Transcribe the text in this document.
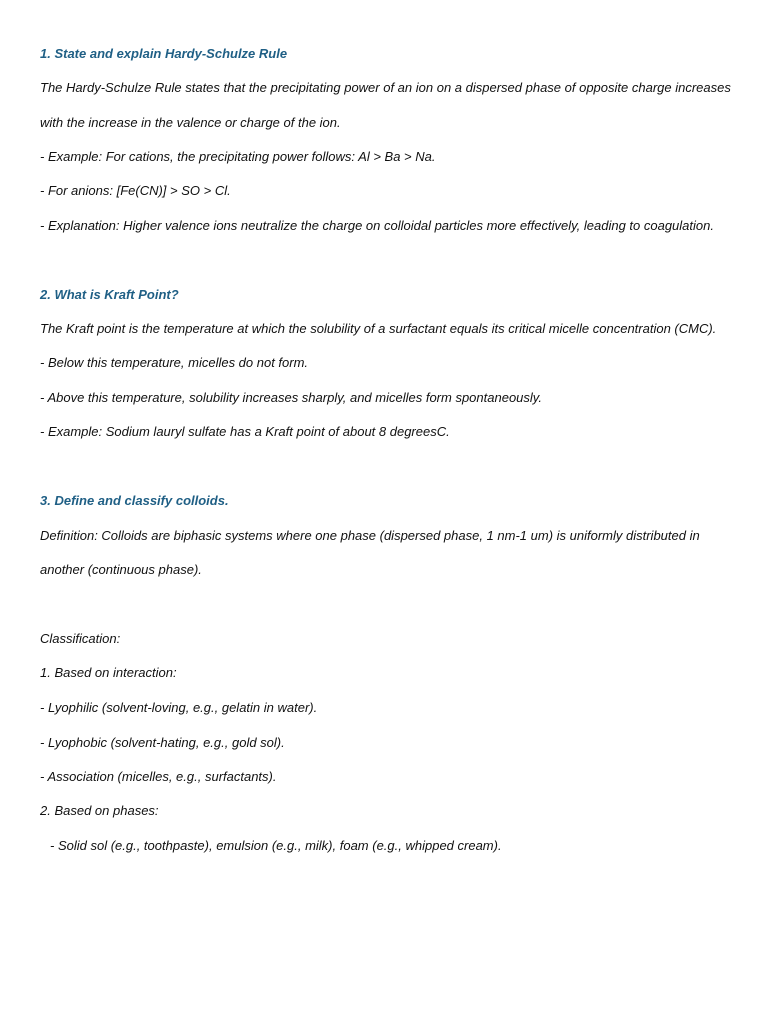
1. State and explain Hardy-Schulze Rule
The Hardy-Schulze Rule states that the precipitating power of an ion on a dispersed phase of opposite charge increases
with the increase in the valence or charge of the ion.
- Example: For cations, the precipitating power follows: Al > Ba > Na.
- For anions: [Fe(CN)] > SO > Cl.
- Explanation: Higher valence ions neutralize the charge on colloidal particles more effectively, leading to coagulation.
2. What is Kraft Point?
The Kraft point is the temperature at which the solubility of a surfactant equals its critical micelle concentration (CMC).
- Below this temperature, micelles do not form.
- Above this temperature, solubility increases sharply, and micelles form spontaneously.
- Example: Sodium lauryl sulfate has a Kraft point of about 8 degreesC.
3. Define and classify colloids.
Definition: Colloids are biphasic systems where one phase (dispersed phase, 1 nm-1 um) is uniformly distributed in
another (continuous phase).
Classification:
1. Based on interaction:
- Lyophilic (solvent-loving, e.g., gelatin in water).
- Lyophobic (solvent-hating, e.g., gold sol).
- Association (micelles, e.g., surfactants).
2. Based on phases:
- Solid sol (e.g., toothpaste), emulsion (e.g., milk), foam (e.g., whipped cream).
